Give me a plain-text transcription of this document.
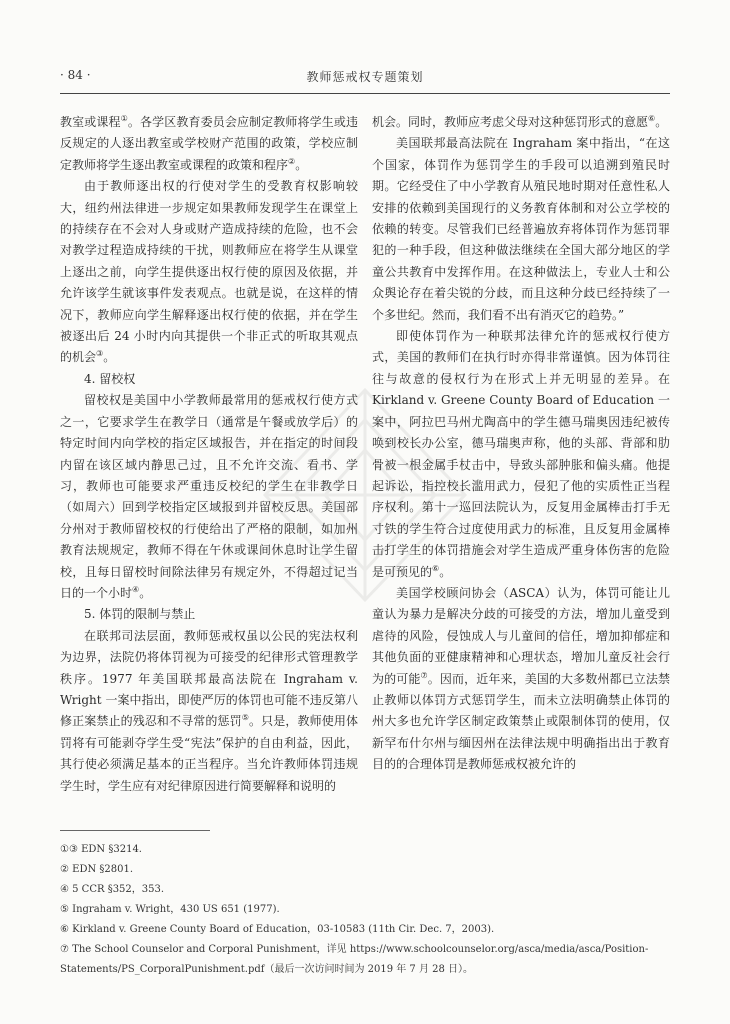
· 84 ·	教师惩戒权专题策划

教室或课程①。各学区教育委员会应制定教师将学生或违反规定的人逐出教室或学校财产范围的政策，学校应制定教师将学生逐出教室或课程的政策和程序②。

由于教师逐出权的行使对学生的受教育权影响较大，纽约州法律进一步规定如果教师发现学生在课堂上的持续存在不会对人身或财产造成持续的危险，也不会对教学过程造成持续的干扰，则教师应在将学生从课堂上逐出之前，向学生提供逐出权行使的原因及依据，并允许该学生就该事件发表观点。也就是说，在这样的情况下，教师应向学生解释逐出权行使的依据，并在学生被逐出后 24 小时内向其提供一个非正式的听取其观点的机会③。

4. 留校权

留校权是美国中小学教师最常用的惩戒权行使方式之一，它要求学生在教学日（通常是午餐或放学后）的特定时间内向学校的指定区域报告，并在指定的时间段内留在该区域内静思己过，且不允许交流、看书、学习，教师也可能要求严重违反校纪的学生在非教学日（如周六）回到学校指定区域报到并留校反思。美国部分州对于教师留校权的行使给出了严格的限制，如加州教育法规规定，教师不得在午休或课间休息时让学生留校，且每日留校时间除法律另有规定外，不得超过记当日的一个小时④。

5. 体罚的限制与禁止

在联邦司法层面，教师惩戒权虽以公民的宪法权利为边界，法院仍将体罚视为可接受的纪律形式管理教学秩序。1977 年美国联邦最高法院在 Ingraham v. Wright 一案中指出，即使严厉的体罚也可能不违反第八修正案禁止的残忍和不寻常的惩罚⑤。只是，教师使用体罚将有可能剥夺学生受“宪法”保护的自由利益，因此，其行使必须满足基本的正当程序。当允许教师体罚违规学生时，学生应有对纪律原因进行简要解释和说明的

机会。同时，教师应考虑父母对这种惩罚形式的意愿⑥。

美国联邦最高法院在 Ingraham 案中指出，“在这个国家，体罚作为惩罚学生的手段可以追溯到殖民时期。它经受住了中小学教育从殖民地时期对任意性私人安排的依赖到美国现行的义务教育体制和对公立学校的依赖的转变。尽管我们已经普遍放弃将体罚作为惩罚罪犯的一种手段，但这种做法继续在全国大部分地区的学童公共教育中发挥作用。在这种做法上，专业人士和公众舆论存在着尖锐的分歧，而且这种分歧已经持续了一个多世纪。然而，我们看不出有消灭它的趋势。”

即使体罚作为一种联邦法律允许的惩戒权行使方式，美国的教师们在执行时亦得非常谨慎。因为体罚往往与故意的侵权行为在形式上并无明显的差异。在 Kirkland v. Greene County Board of Education 一案中，阿拉巴马州尤陶高中的学生德马瑞奥因违纪被传唤到校长办公室，德马瑞奥声称，他的头部、背部和肋骨被一根金属手杖击中，导致头部肿胀和偏头痛。他提起诉讼，指控校长滥用武力，侵犯了他的实质性正当程序权利。第十一巡回法院认为，反复用金属棒击打手无寸铁的学生符合过度使用武力的标准，且反复用金属棒击打学生的体罚措施会对学生造成严重身体伤害的危险是可预见的⑥。

美国学校顾问协会（ASCA）认为，体罚可能让儿童认为暴力是解决分歧的可接受的方法，增加儿童受到虐待的风险，侵蚀成人与儿童间的信任，增加抑郁症和其他负面的亚健康精神和心理状态，增加儿童反社会行为的可能⑦。因而，近年来，美国的大多数州都已立法禁止教师以体罚方式惩罚学生，而未立法明确禁止体罚的州大多也允许学区制定政策禁止或限制体罚的使用，仅新罕布什尔州与缅因州在法律法规中明确指出出于教育目的的合理体罚是教师惩戒权被允许的

①③ EDN §3214.
② EDN §2801.
④ 5 CCR §352，353.
⑤ Ingraham v. Wright，430 US 651 (1977).
⑥ Kirkland v. Greene County Board of Education，03-10583 (11th Cir. Dec. 7，2003).
⑦ The School Counselor and Corporal Punishment，详见 https://www.schoolcounselor.org/asca/media/asca/Position-
Statements/PS_CorporalPunishment.pdf（最后一次访问时间为 2019 年 7 月 28 日）。
